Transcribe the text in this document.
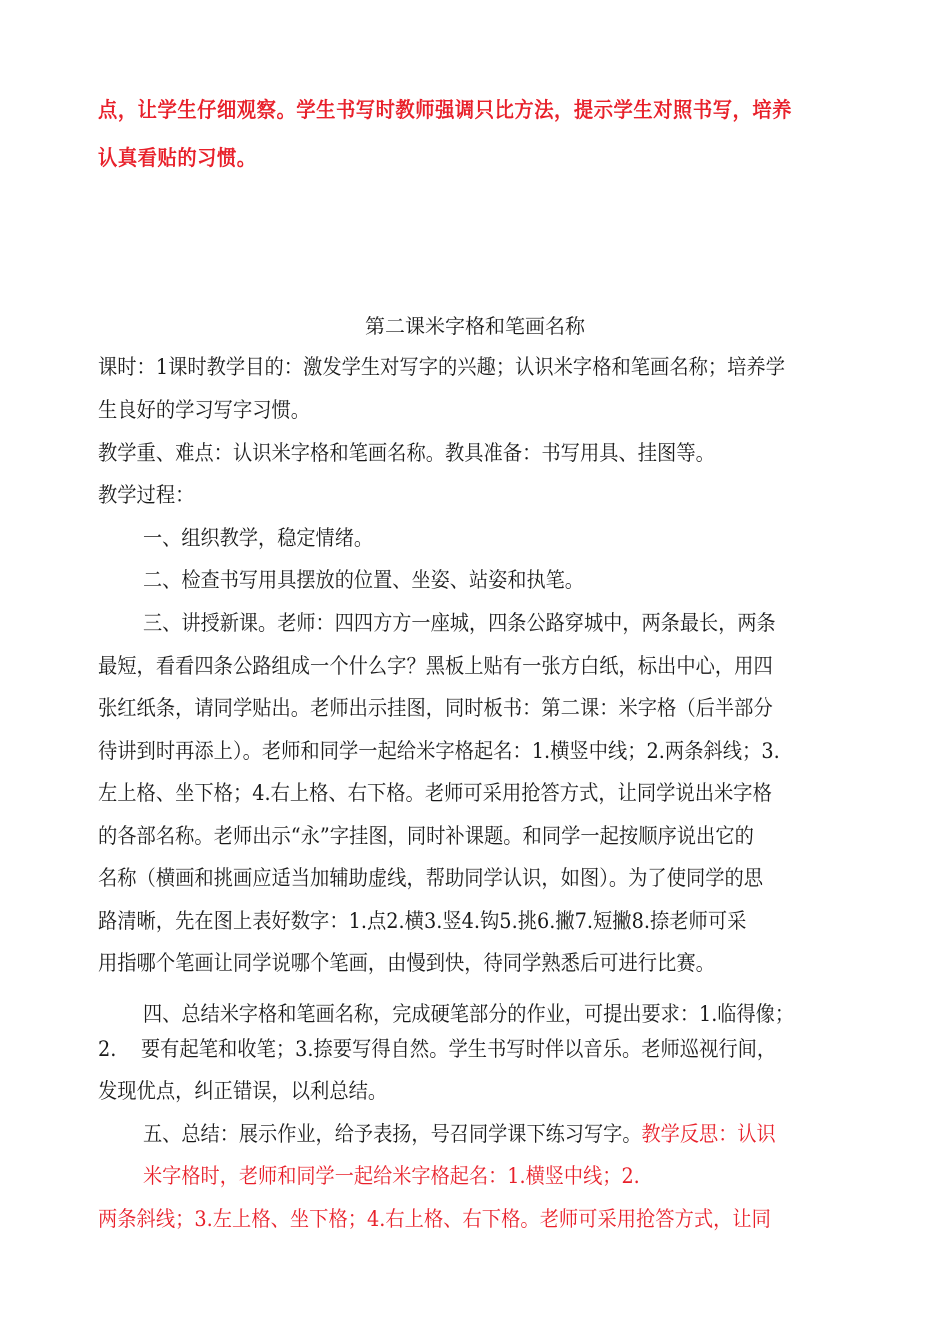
点，让学生仔细观察。学生书写时教师强调只比方法，提示学生对照书写，培养
认真看贴的习惯。
第二课米字格和笔画名称
课时：1课时教学目的：激发学生对写字的兴趣；认识米字格和笔画名称；培养学
生良好的学习写字习惯。
教学重、难点：认识米字格和笔画名称。教具准备：书写用具、挂图等。
教学过程：
一、组织教学，稳定情绪。
二、检查书写用具摆放的位置、坐姿、站姿和执笔。
三、讲授新课。老师：四四方方一座城，四条公路穿城中，两条最长，两条
最短，看看四条公路组成一个什么字？黑板上贴有一张方白纸，标出中心，用四
张红纸条，请同学贴出。老师出示挂图，同时板书：第二课：米字格（后半部分
待讲到时再添上）。老师和同学一起给米字格起名：1.横竖中线；2.两条斜线；3.
左上格、坐下格；4.右上格、右下格。老师可采用抢答方式，让同学说出米字格
的各部名称。老师出示“永”字挂图，同时补课题。和同学一起按顺序说出它的
名称（横画和挑画应适当加辅助虚线，帮助同学认识，如图）。为了使同学的思
路清晰，先在图上表好数字：1.点2.横3.竖4.钩5.挑6.撇7.短撇8.捺老师可采
用指哪个笔画让同学说哪个笔画，由慢到快，待同学熟悉后可进行比赛。
四、总结米字格和笔画名称，完成硬笔部分的作业，可提出要求：1.临得像；
2.    要有起笔和收笔；3.捺要写得自然。学生书写时伴以音乐。老师巡视行间，
发现优点，纠正错误，以利总结。
五、总结：展示作业，给予表扬，号召同学课下练习写字。教学反思：认识
米字格时，老师和同学一起给米字格起名：1.横竖中线；2.
两条斜线；3.左上格、坐下格；4.右上格、右下格。老师可采用抢答方式，让同
